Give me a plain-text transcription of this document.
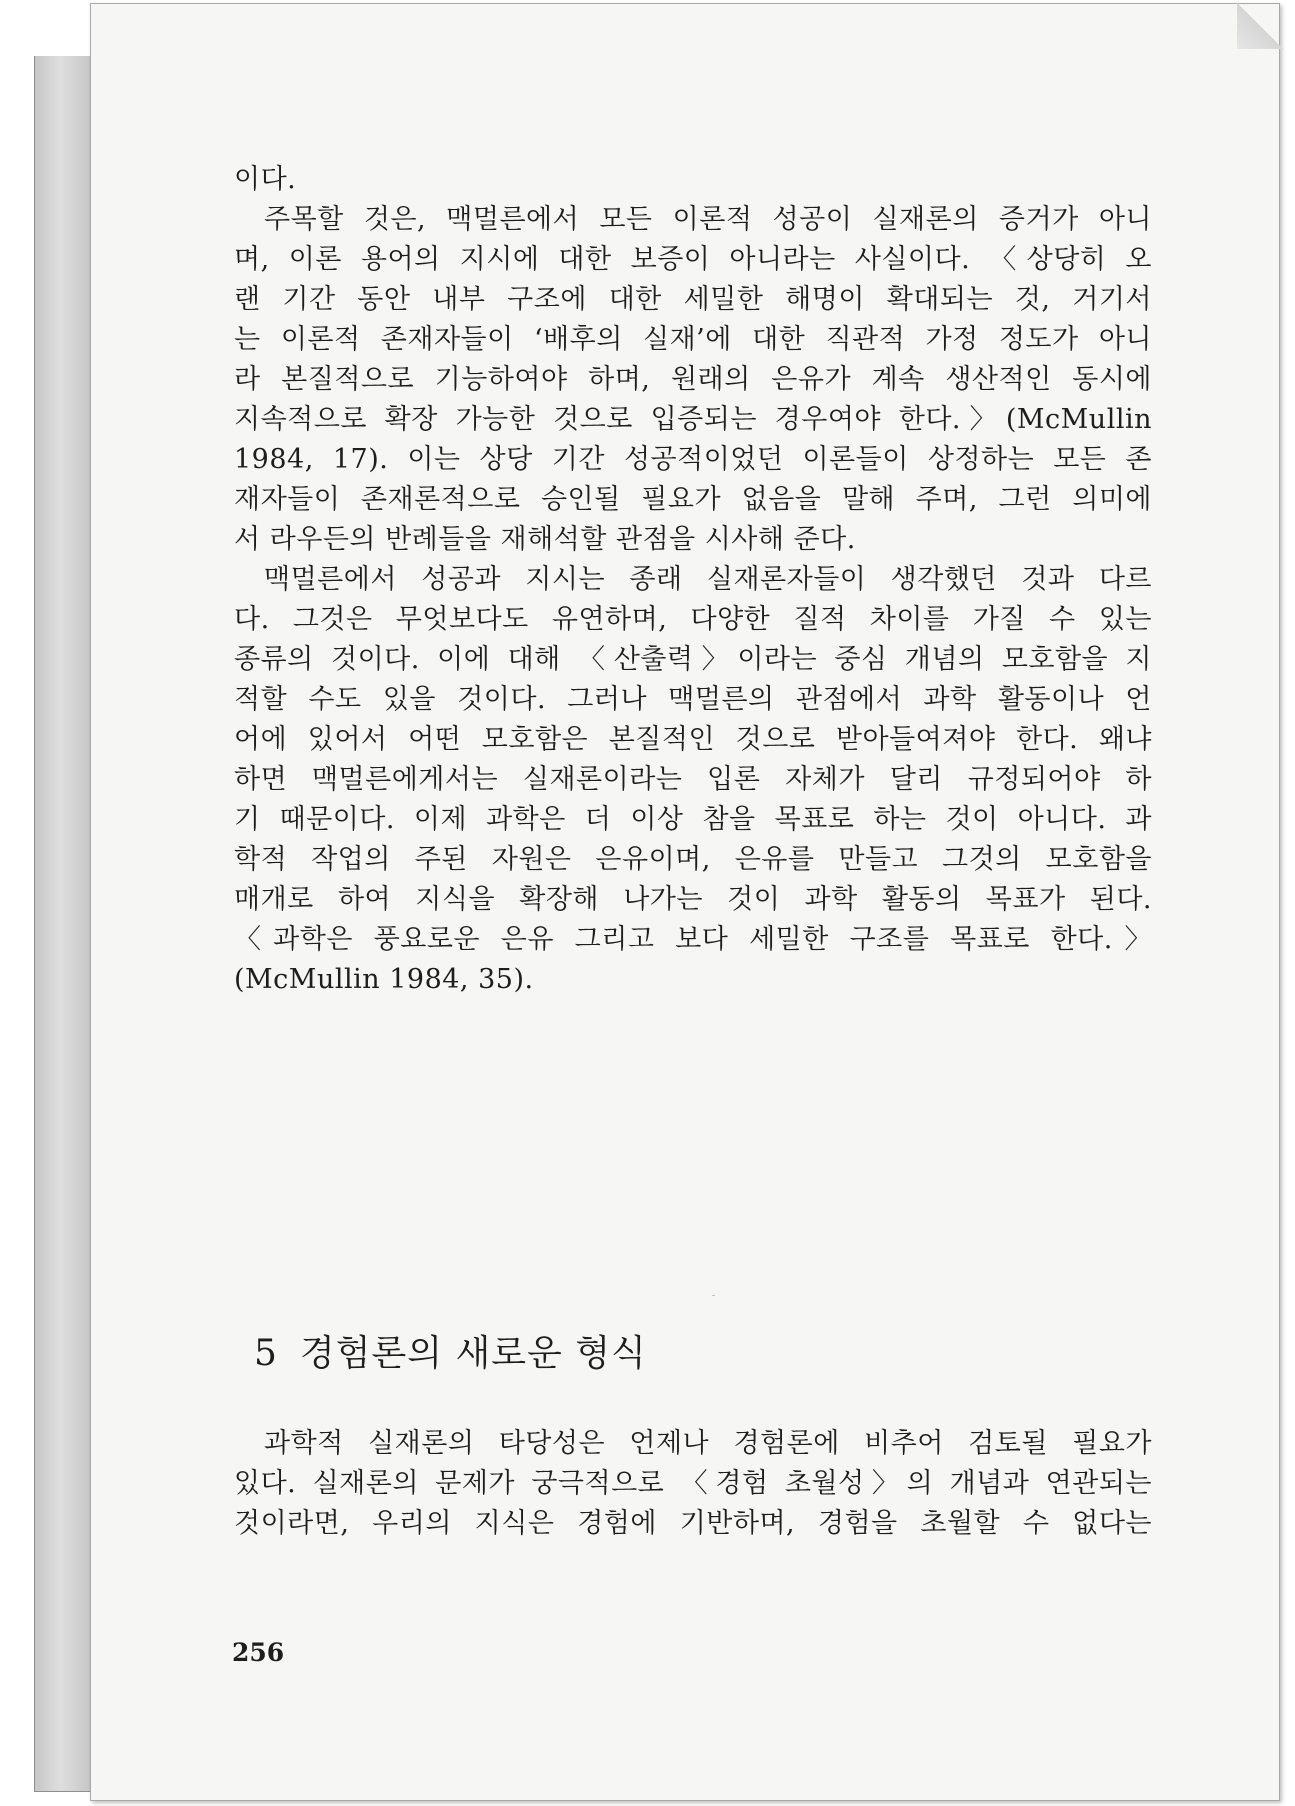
이다.

주목할 것은, 맥멀른에서 모든 이론적 성공이 실재론의 증거가 아니

며, 이론 용어의 지시에 대한 보증이 아니라는 사실이다. 〈상당히 오

랜 기간 동안 내부 구조에 대한 세밀한 해명이 확대되는 것, 거기서

는 이론적 존재자들이 ‘배후의 실재’에 대한 직관적 가정 정도가 아니

라 본질적으로 기능하여야 하며, 원래의 은유가 계속 생산적인 동시에

지속적으로 확장 가능한 것으로 입증되는 경우여야 한다.〉(McMullin

1984, 17). 이는 상당 기간 성공적이었던 이론들이 상정하는 모든 존

재자들이 존재론적으로 승인될 필요가 없음을 말해 주며, 그런 의미에

서 라우든의 반례들을 재해석할 관점을 시사해 준다.

맥멀른에서 성공과 지시는 종래 실재론자들이 생각했던 것과 다르

다. 그것은 무엇보다도 유연하며, 다양한 질적 차이를 가질 수 있는

종류의 것이다. 이에 대해 〈산출력〉이라는 중심 개념의 모호함을 지

적할 수도 있을 것이다. 그러나 맥멀른의 관점에서 과학 활동이나 언

어에 있어서 어떤 모호함은 본질적인 것으로 받아들여져야 한다. 왜냐

하면 맥멀른에게서는 실재론이라는 입론 자체가 달리 규정되어야 하

기 때문이다. 이제 과학은 더 이상 참을 목표로 하는 것이 아니다. 과

학적 작업의 주된 자원은 은유이며, 은유를 만들고 그것의 모호함을

매개로 하여 지식을 확장해 나가는 것이 과학 활동의 목표가 된다.

〈과학은 풍요로운 은유 그리고 보다 세밀한 구조를 목표로 한다.〉

(McMullin 1984, 35).

5 경험론의 새로운 형식

과학적 실재론의 타당성은 언제나 경험론에 비추어 검토될 필요가

있다. 실재론의 문제가 궁극적으로 〈경험 초월성〉의 개념과 연관되는

것이라면, 우리의 지식은 경험에 기반하며, 경험을 초월할 수 없다는

256
